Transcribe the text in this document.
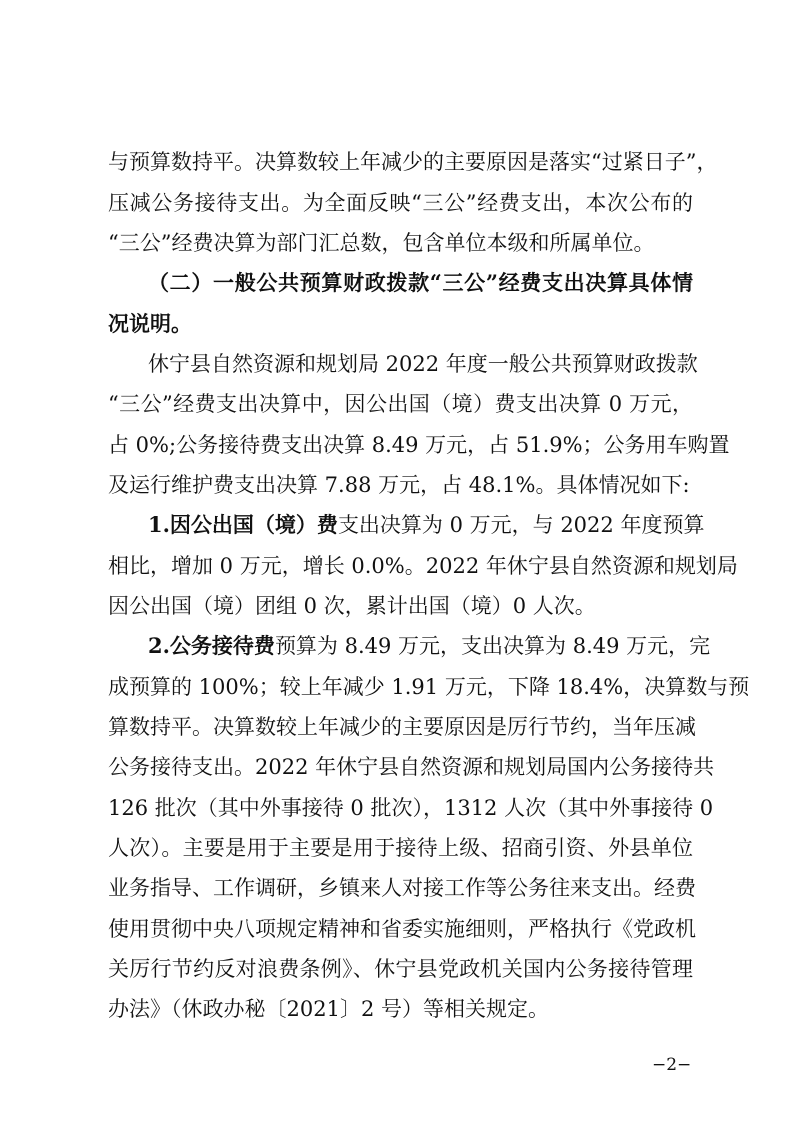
与预算数持平。决算数较上年减少的主要原因是落实“过紧日子”，
压减公务接待支出。为全面反映“三公”经费支出，本次公布的
“三公”经费决算为部门汇总数，包含单位本级和所属单位。
（二）一般公共预算财政拨款“三公”经费支出决算具体情
况说明。
休宁县自然资源和规划局 2022 年度一般公共预算财政拨款
“三公”经费支出决算中，因公出国（境）费支出决算 0 万元，
占 0%;公务接待费支出决算 8.49 万元，占 51.9%；公务用车购置
及运行维护费支出决算 7.88 万元，占 48.1%。具体情况如下:
1.因公出国（境）费支出决算为 0 万元，与 2022 年度预算
相比，增加 0 万元，增长 0.0%。2022 年休宁县自然资源和规划局
因公出国（境）团组 0 次，累计出国（境）0 人次。
2.公务接待费预算为 8.49 万元，支出决算为 8.49 万元，完
成预算的 100%；较上年减少 1.91 万元，下降 18.4%，决算数与预
算数持平。决算数较上年减少的主要原因是厉行节约，当年压减
公务接待支出。2022 年休宁县自然资源和规划局国内公务接待共
126 批次（其中外事接待 0 批次），1312 人次（其中外事接待 0
人次）。主要是用于主要是用于接待上级、招商引资、外县单位
业务指导、工作调研，乡镇来人对接工作等公务往来支出。经费
使用贯彻中央八项规定精神和省委实施细则，严格执行《党政机
关厉行节约反对浪费条例》、休宁县党政机关国内公务接待管理
办法》（休政办秘〔2021〕2 号）等相关规定。
−2−
